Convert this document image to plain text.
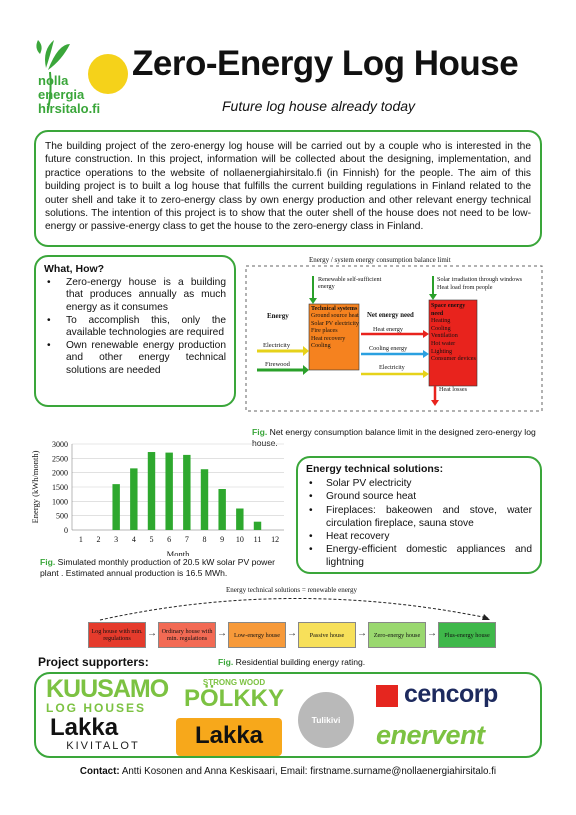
nolla
energia
hirsitalo.fi
Zero-Energy Log House
Future log house already today

The building project of the zero-energy log house will be carried out by a couple who is interested in the future construction. In this project, information will be collected about the designing, implementation, and practice operations to the website of nollaenergiahirsitalo.fi (in Finnish) for the people. The aim of this building project is to built a log house that fulfills the current building regulations in Finland related to the outer shell and take it to zero-energy class by own energy production and other relevant energy technical solutions. The intention of this project is to show that the outer shell of the house does not need to be low-energy or passive-energy class to get the house to the zero-energy class in Finland.

What, How?
• Zero-energy house is a building that produces annually as much energy as it consumes
• To accomplish this, only the available technologies are required
• Own renewable energy production and other energy technical solutions are needed
Energy / system energy consumption balance limit
Energy
Electricity
Firewood
Renewable self-sufficient energy
Technical systems
Ground source heat
Solar PV electricity
Fire places
Heat recovery
Cooling
Net energy need
Heat energy
Cooling energy
Electricity
Solar irradiation through windows
Heat load from people
Space energy need
Heating
Cooling
Ventilation
Hot water
Lighting
Consumer devices
Heat losses
Fig. Net energy consumption balance limit in the designed zero-energy log house.
0
500
1000
1500
2000
2500
3000
1 2 3 4 5 6 7 8 9 10 11 12
Month
Energy (kWh/month)
Fig. Simulated monthly production of 20.5 kW solar PV power plant . Estimated annual production is 16.5 MWh.
Energy technical solutions:
• Solar PV electricity
• Ground source heat
• Fireplaces: bakeowen and stove, water circulation fireplace, sauna stove
• Heat recovery
• Energy-efficient domestic appliances and lightning
Energy technical solutions = renewable energy
Log house with min. regulations	→ Ordinary house with min. regulations →	Low-energy house →	Passive house	→	Zero-energy house →	Plus-energy house
Fig. Residential building energy rating.
Project supporters:
KUUSAMO
LOG HOUSES
Lakka
KIVITALOT
STRONG WOOD
PÖLKKY
Lakka
Tulikivi
cencorp
enervent
Contact: Antti Kosonen and Anna Keskisaari, Email: firstname.surname@nollaenergiahirsitalo.fi
